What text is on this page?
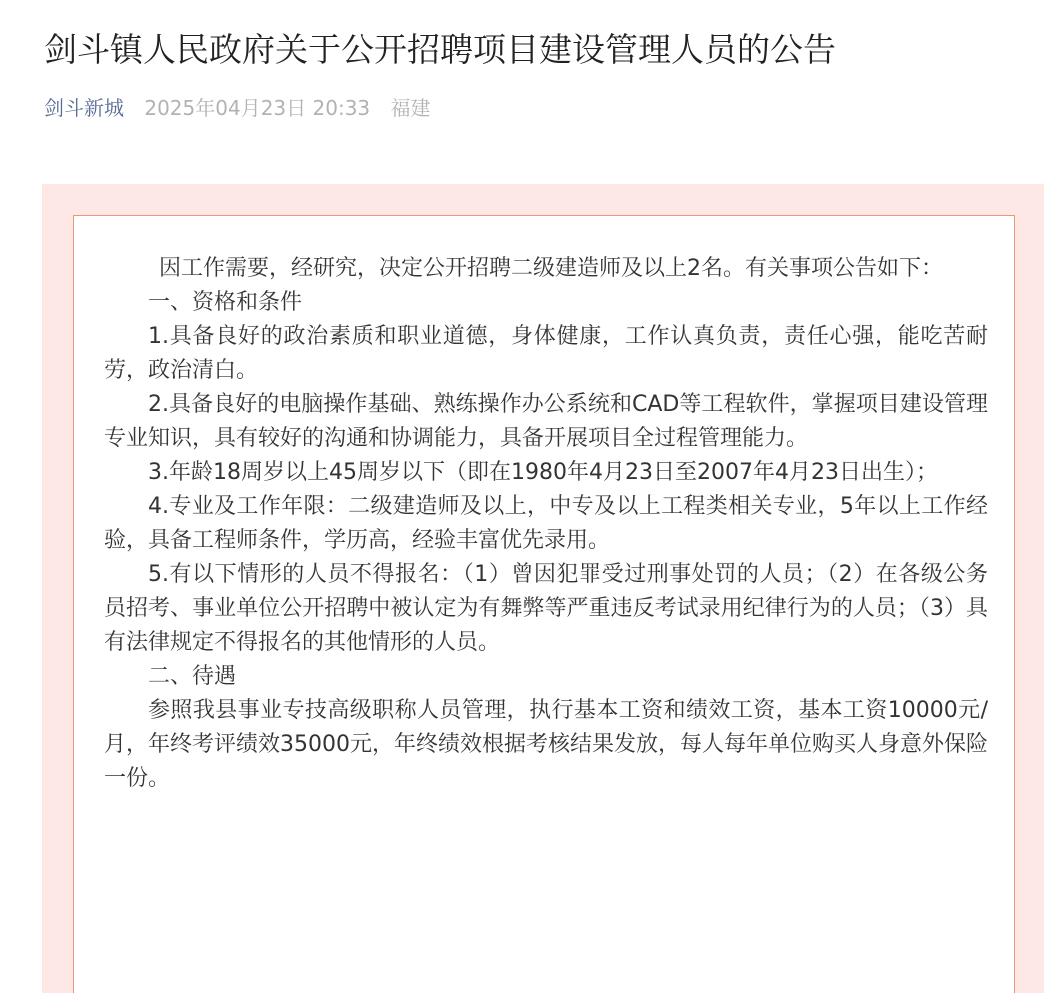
剑斗镇人民政府关于公开招聘项目建设管理人员的公告
剑斗新城 2025年04月23日 20:33 福建

因工作需要，经研究，决定公开招聘二级建造师及以上2名。有关事项公告如下：

一、资格和条件

1.具备良好的政治素质和职业道德，身体健康，工作认真负责，责任心强，能吃苦耐劳，政治清白。

2.具备良好的电脑操作基础、熟练操作办公系统和CAD等工程软件，掌握项目建设管理专业知识，具有较好的沟通和协调能力，具备开展项目全过程管理能力。

3.年龄18周岁以上45周岁以下（即在1980年4月23日至2007年4月23日出生）；

4.专业及工作年限：二级建造师及以上，中专及以上工程类相关专业，5年以上工作经验，具备工程师条件，学历高，经验丰富优先录用。

5.有以下情形的人员不得报名：（1）曾因犯罪受过刑事处罚的人员；（2）在各级公务员招考、事业单位公开招聘中被认定为有舞弊等严重违反考试录用纪律行为的人员；（3）具有法律规定不得报名的其他情形的人员。

二、待遇

参照我县事业专技高级职称人员管理，执行基本工资和绩效工资，基本工资10000元/月，年终考评绩效35000元，年终绩效根据考核结果发放，每人每年单位购买人身意外保险一份。
